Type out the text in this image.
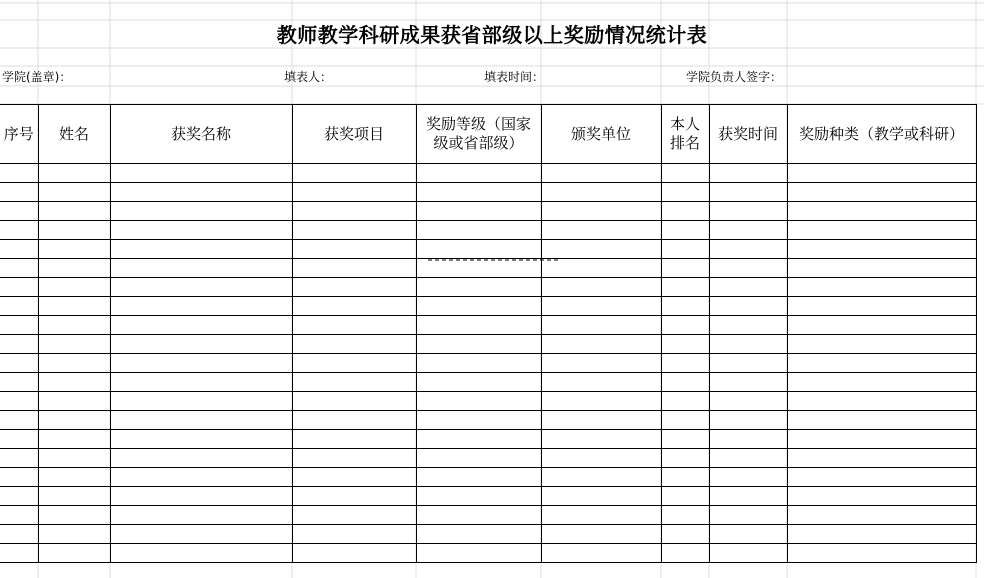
教师教学科研成果获省部级以上奖励情况统计表
学院(盖章)：	填表人：	填表时间：	学院负责人签字：
序号	姓名	获奖名称	获奖项目	奖励等级（国家级或省部级）	颁奖单位	本人排名	获奖时间	奖励种类（教学或科研）
